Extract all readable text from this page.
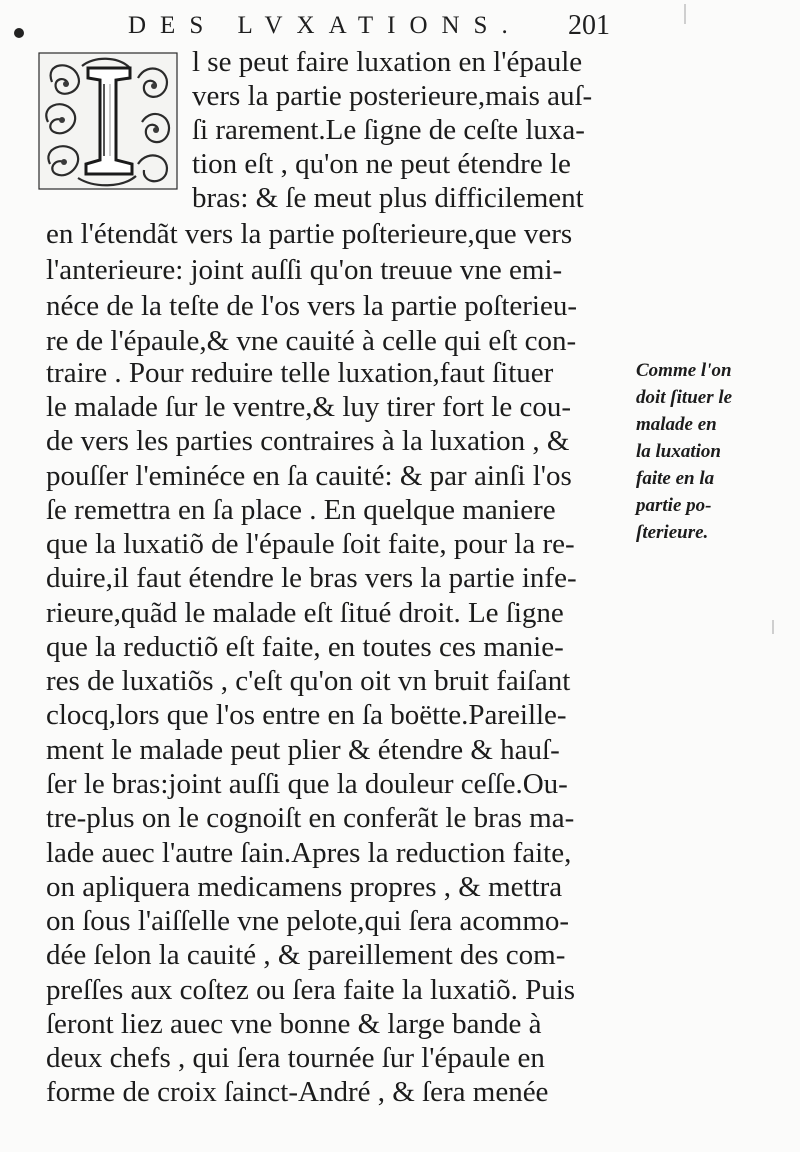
DES LVXATIONS. 201
l se peut faire luxation en l'épaule
vers la partie posterieure,mais auſ-
ſi rarement.Le ſigne de ceſte luxa-
tion eſt , qu'on ne peut étendre le
bras: & ſe meut plus difficilement
en l'étendãt vers la partie poſterieure,que vers
l'anterieure: joint auſſi qu'on treuue vne emi-
néce de la teſte de l'os vers la partie poſterieu-
re de l'épaule,& vne cauité à celle qui eſt con-
traire . Pour reduire telle luxation,faut ſituer
le malade ſur le ventre,& luy tirer fort le cou-
de vers les parties contraires à la luxation , &
pouſſer l'eminéce en ſa cauité: & par ainſi l'os
ſe remettra en ſa place . En quelque maniere
que la luxatiõ de l'épaule ſoit faite, pour la re-
duire,il faut étendre le bras vers la partie infe-
rieure,quãd le malade eſt ſitué droit. Le ſigne
que la reductiõ eſt faite, en toutes ces manie-
res de luxatiõs , c'eſt qu'on oit vn bruit faiſant
clocq,lors que l'os entre en ſa boëtte.Pareille-
ment le malade peut plier & étendre & hauſ-
ſer le bras:joint auſſi que la douleur ceſſe.Ou-
tre-plus on le cognoiſt en conferãt le bras ma-
lade auec l'autre ſain.Apres la reduction faite,
on apliquera medicamens propres , & mettra
on ſous l'aiſſelle vne pelote,qui ſera acommo-
dée ſelon la cauité , & pareillement des com-
preſſes aux coſtez ou ſera faite la luxatiõ. Puis
ſeront liez auec vne bonne & large bande à
deux chefs , qui ſera tournée ſur l'épaule en
forme de croix ſainct-André , & ſera menée
Comme l'on
doit ſituer le
malade en
la luxation
faite en la
partie po-
ſterieure.
